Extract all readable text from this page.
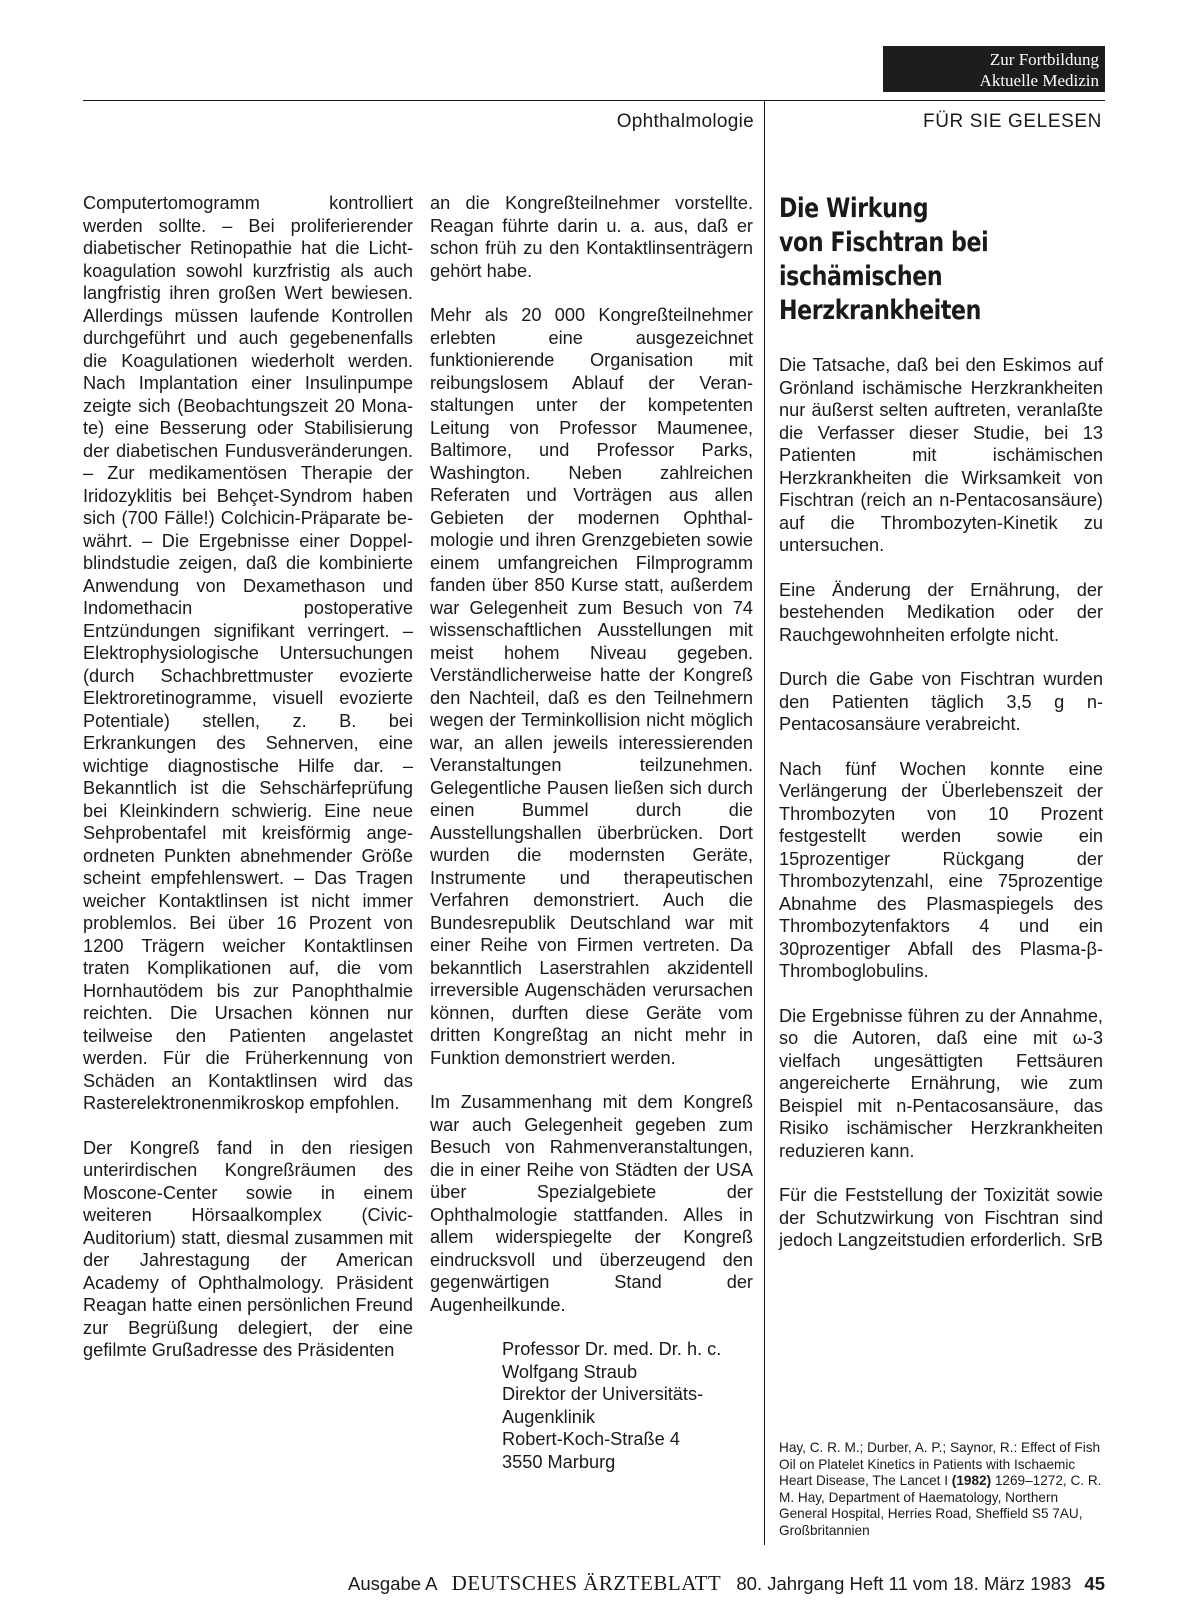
Zur Fortbildung
Aktuelle Medizin
Ophthalmologie	FÜR SIE GELESEN

Computertomogramm kontrolliert werden sollte. – Bei proliferierender diabetischer Retinopathie hat die Lichtkoagulation sowohl kurzfristig als auch langfristig ihren großen Wert bewiesen. Allerdings müssen laufende Kontrollen durchgeführt und auch gegebenenfalls die Koagulationen wiederholt werden. Nach Implantation einer Insulinpumpe zeigte sich (Beobachtungszeit 20 Monate) eine Besserung oder Stabilisierung der diabetischen Fundusveränderungen. – Zur medikamentösen Therapie der Iridozyklitis bei Behçet-Syndrom haben sich (700 Fälle!) Colchicin-Präparate bewährt. – Die Ergebnisse einer Doppelblindstudie zeigen, daß die kombinierte Anwendung von Dexamethason und Indomethacin postoperative Entzündungen signifikant verringert. – Elektrophysiologische Untersuchungen (durch Schachbrettmuster evozierte Elektroretinogramme, visuell evozierte Potentiale) stellen, z. B. bei Erkrankungen des Sehnerven, eine wichtige diagnostische Hilfe dar. – Bekanntlich ist die Sehschärfeprüfung bei Kleinkindern schwierig. Eine neue Sehprobentafel mit kreisförmig angeordneten Punkten abnehmender Größe scheint empfehlenswert. – Das Tragen weicher Kontaktlinsen ist nicht immer problemlos. Bei über 16 Prozent von 1200 Trägern weicher Kontaktlinsen traten Komplikationen auf, die vom Hornhautödem bis zur Panophthalmie reichten. Die Ursachen können nur teilweise den Patienten angelastet werden. Für die Früherkennung von Schäden an Kontaktlinsen wird das Rasterelektronenmikroskop empfohlen.

Der Kongreß fand in den riesigen unterirdischen Kongreßräumen des Moscone-Center sowie in einem weiteren Hörsaalkomplex (Civic-Auditorium) statt, diesmal zusammen mit der Jahrestagung der American Academy of Ophthalmology. Präsident Reagan hatte einen persönlichen Freund zur Begrüßung delegiert, der eine gefilmte Grußadresse des Präsidenten

an die Kongreßteilnehmer vorstellte. Reagan führte darin u. a. aus, daß er schon früh zu den Kontaktlinsenträgern gehört habe.

Mehr als 20 000 Kongreßteilnehmer erlebten eine ausgezeichnet funktionierende Organisation mit reibungslosem Ablauf der Veranstaltungen unter der kompetenten Leitung von Professor Maumenee, Baltimore, und Professor Parks, Washington. Neben zahlreichen Referaten und Vorträgen aus allen Gebieten der modernen Ophthalmologie und ihren Grenzgebieten sowie einem umfangreichen Filmprogramm fanden über 850 Kurse statt, außerdem war Gelegenheit zum Besuch von 74 wissenschaftlichen Ausstellungen mit meist hohem Niveau gegeben. Verständlicherweise hatte der Kongreß den Nachteil, daß es den Teilnehmern wegen der Terminkollision nicht möglich war, an allen jeweils interessierenden Veranstaltungen teilzunehmen. Gelegentliche Pausen ließen sich durch einen Bummel durch die Ausstellungshallen überbrücken. Dort wurden die modernsten Geräte, Instrumente und therapeutischen Verfahren demonstriert. Auch die Bundesrepublik Deutschland war mit einer Reihe von Firmen vertreten. Da bekanntlich Laserstrahlen akzidentell irreversible Augenschäden verursachen können, durften diese Geräte vom dritten Kongreßtag an nicht mehr in Funktion demonstriert werden.

Im Zusammenhang mit dem Kongreß war auch Gelegenheit gegeben zum Besuch von Rahmenveranstaltungen, die in einer Reihe von Städten der USA über Spezialgebiete der Ophthalmologie stattfanden. Alles in allem widerspiegelte der Kongreß eindrucksvoll und überzeugend den gegenwärtigen Stand der Augenheilkunde.

Professor Dr. med. Dr. h. c.
Wolfgang Straub
Direktor der Universitäts-
Augenklinik
Robert-Koch-Straße 4
3550 Marburg
Die Wirkung
von Fischtran bei
ischämischen
Herzkrankheiten

Die Tatsache, daß bei den Eskimos auf Grönland ischämische Herzkrankheiten nur äußerst selten auftreten, veranlaßte die Verfasser dieser Studie, bei 13 Patienten mit ischämischen Herzkrankheiten die Wirksamkeit von Fischtran (reich an n-Pentacosansäure) auf die Thrombozyten-Kinetik zu untersuchen.

Eine Änderung der Ernährung, der bestehenden Medikation oder der Rauchgewohnheiten erfolgte nicht.

Durch die Gabe von Fischtran wurden den Patienten täglich 3,5 g n-Pentacosansäure verabreicht.

Nach fünf Wochen konnte eine Verlängerung der Überlebenszeit der Thrombozyten von 10 Prozent festgestellt werden sowie ein 15prozentiger Rückgang der Thrombozytenzahl, eine 75prozentige Abnahme des Plasmaspiegels des Thrombozytenfaktors 4 und ein 30prozentiger Abfall des Plasma-β-Thromboglobulins.

Die Ergebnisse führen zu der Annahme, so die Autoren, daß eine mit ω-3 vielfach ungesättigten Fettsäuren angereicherte Ernährung, wie zum Beispiel mit n-Pentacosansäure, das Risiko ischämischer Herzkrankheiten reduzieren kann.

Für die Feststellung der Toxizität sowie der Schutzwirkung von Fischtran sind jedoch Langzeitstudien erforderlich. SrB

Hay, C. R. M.; Durber, A. P.; Saynor, R.: Effect of Fish Oil on Platelet Kinetics in Patients with Ischaemic Heart Disease, The Lancet I (1982) 1269–1272, C. R. M. Hay, Department of Haematology, Northern General Hospital, Herries Road, Sheffield S5 7AU, Großbritannien
Ausgabe A DEUTSCHES ÄRZTEBLATT 80. Jahrgang Heft 11 vom 18. März 1983 45
